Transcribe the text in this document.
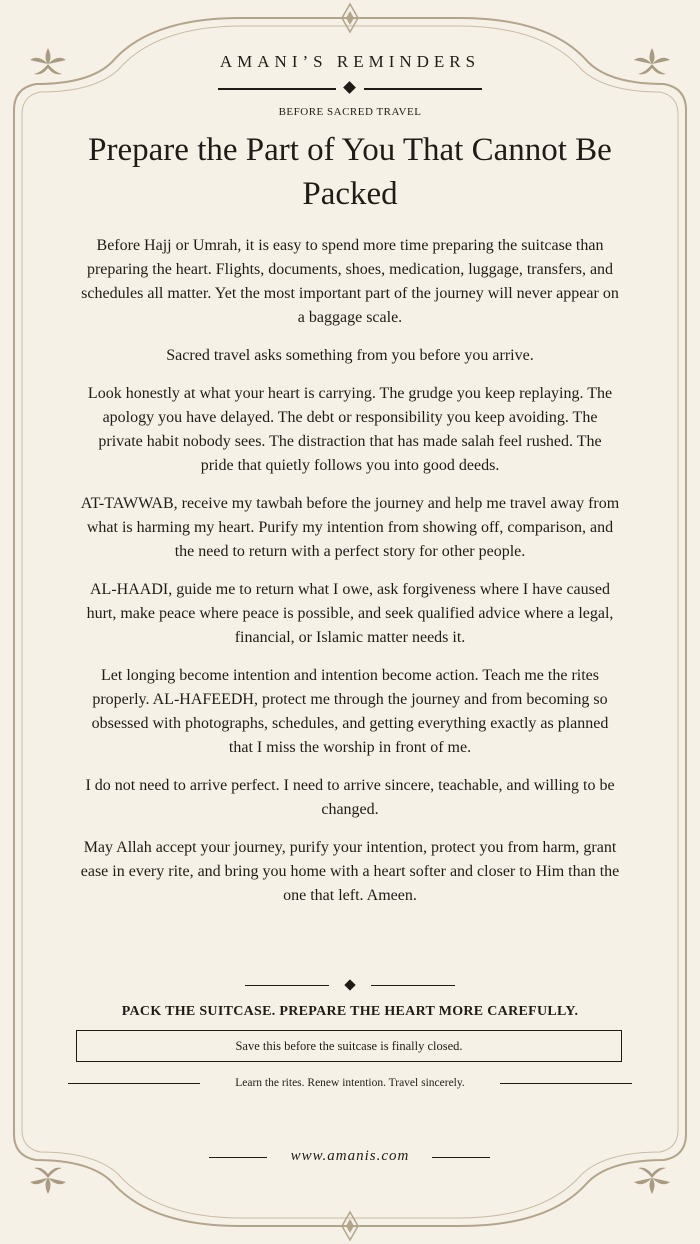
AMANI’S REMINDERS
BEFORE SACRED TRAVEL
Prepare the Part of You That Cannot Be Packed

Before Hajj or Umrah, it is easy to spend more time preparing the suitcase than preparing the heart. Flights, documents, shoes, medication, luggage, transfers, and schedules all matter. Yet the most important part of the journey will never appear on a baggage scale.

Sacred travel asks something from you before you arrive.

Look honestly at what your heart is carrying. The grudge you keep replaying. The apology you have delayed. The debt or responsibility you keep avoiding. The private habit nobody sees. The distraction that has made salah feel rushed. The pride that quietly follows you into good deeds.

AT-TAWWAB, receive my tawbah before the journey and help me travel away from what is harming my heart. Purify my intention from showing off, comparison, and the need to return with a perfect story for other people.

AL-HAADI, guide me to return what I owe, ask forgiveness where I have caused hurt, make peace where peace is possible, and seek qualified advice where a legal, financial, or Islamic matter needs it.

Let longing become intention and intention become action. Teach me the rites properly. AL-HAFEEDH, protect me through the journey and from becoming so obsessed with photographs, schedules, and getting everything exactly as planned that I miss the worship in front of me.

I do not need to arrive perfect. I need to arrive sincere, teachable, and willing to be changed.

May Allah accept your journey, purify your intention, protect you from harm, grant ease in every rite, and bring you home with a heart softer and closer to Him than the one that left. Ameen.

PACK THE SUITCASE. PREPARE THE HEART MORE CAREFULLY.
Save this before the suitcase is finally closed.
Learn the rites. Renew intention. Travel sincerely.
www.amanis.com
